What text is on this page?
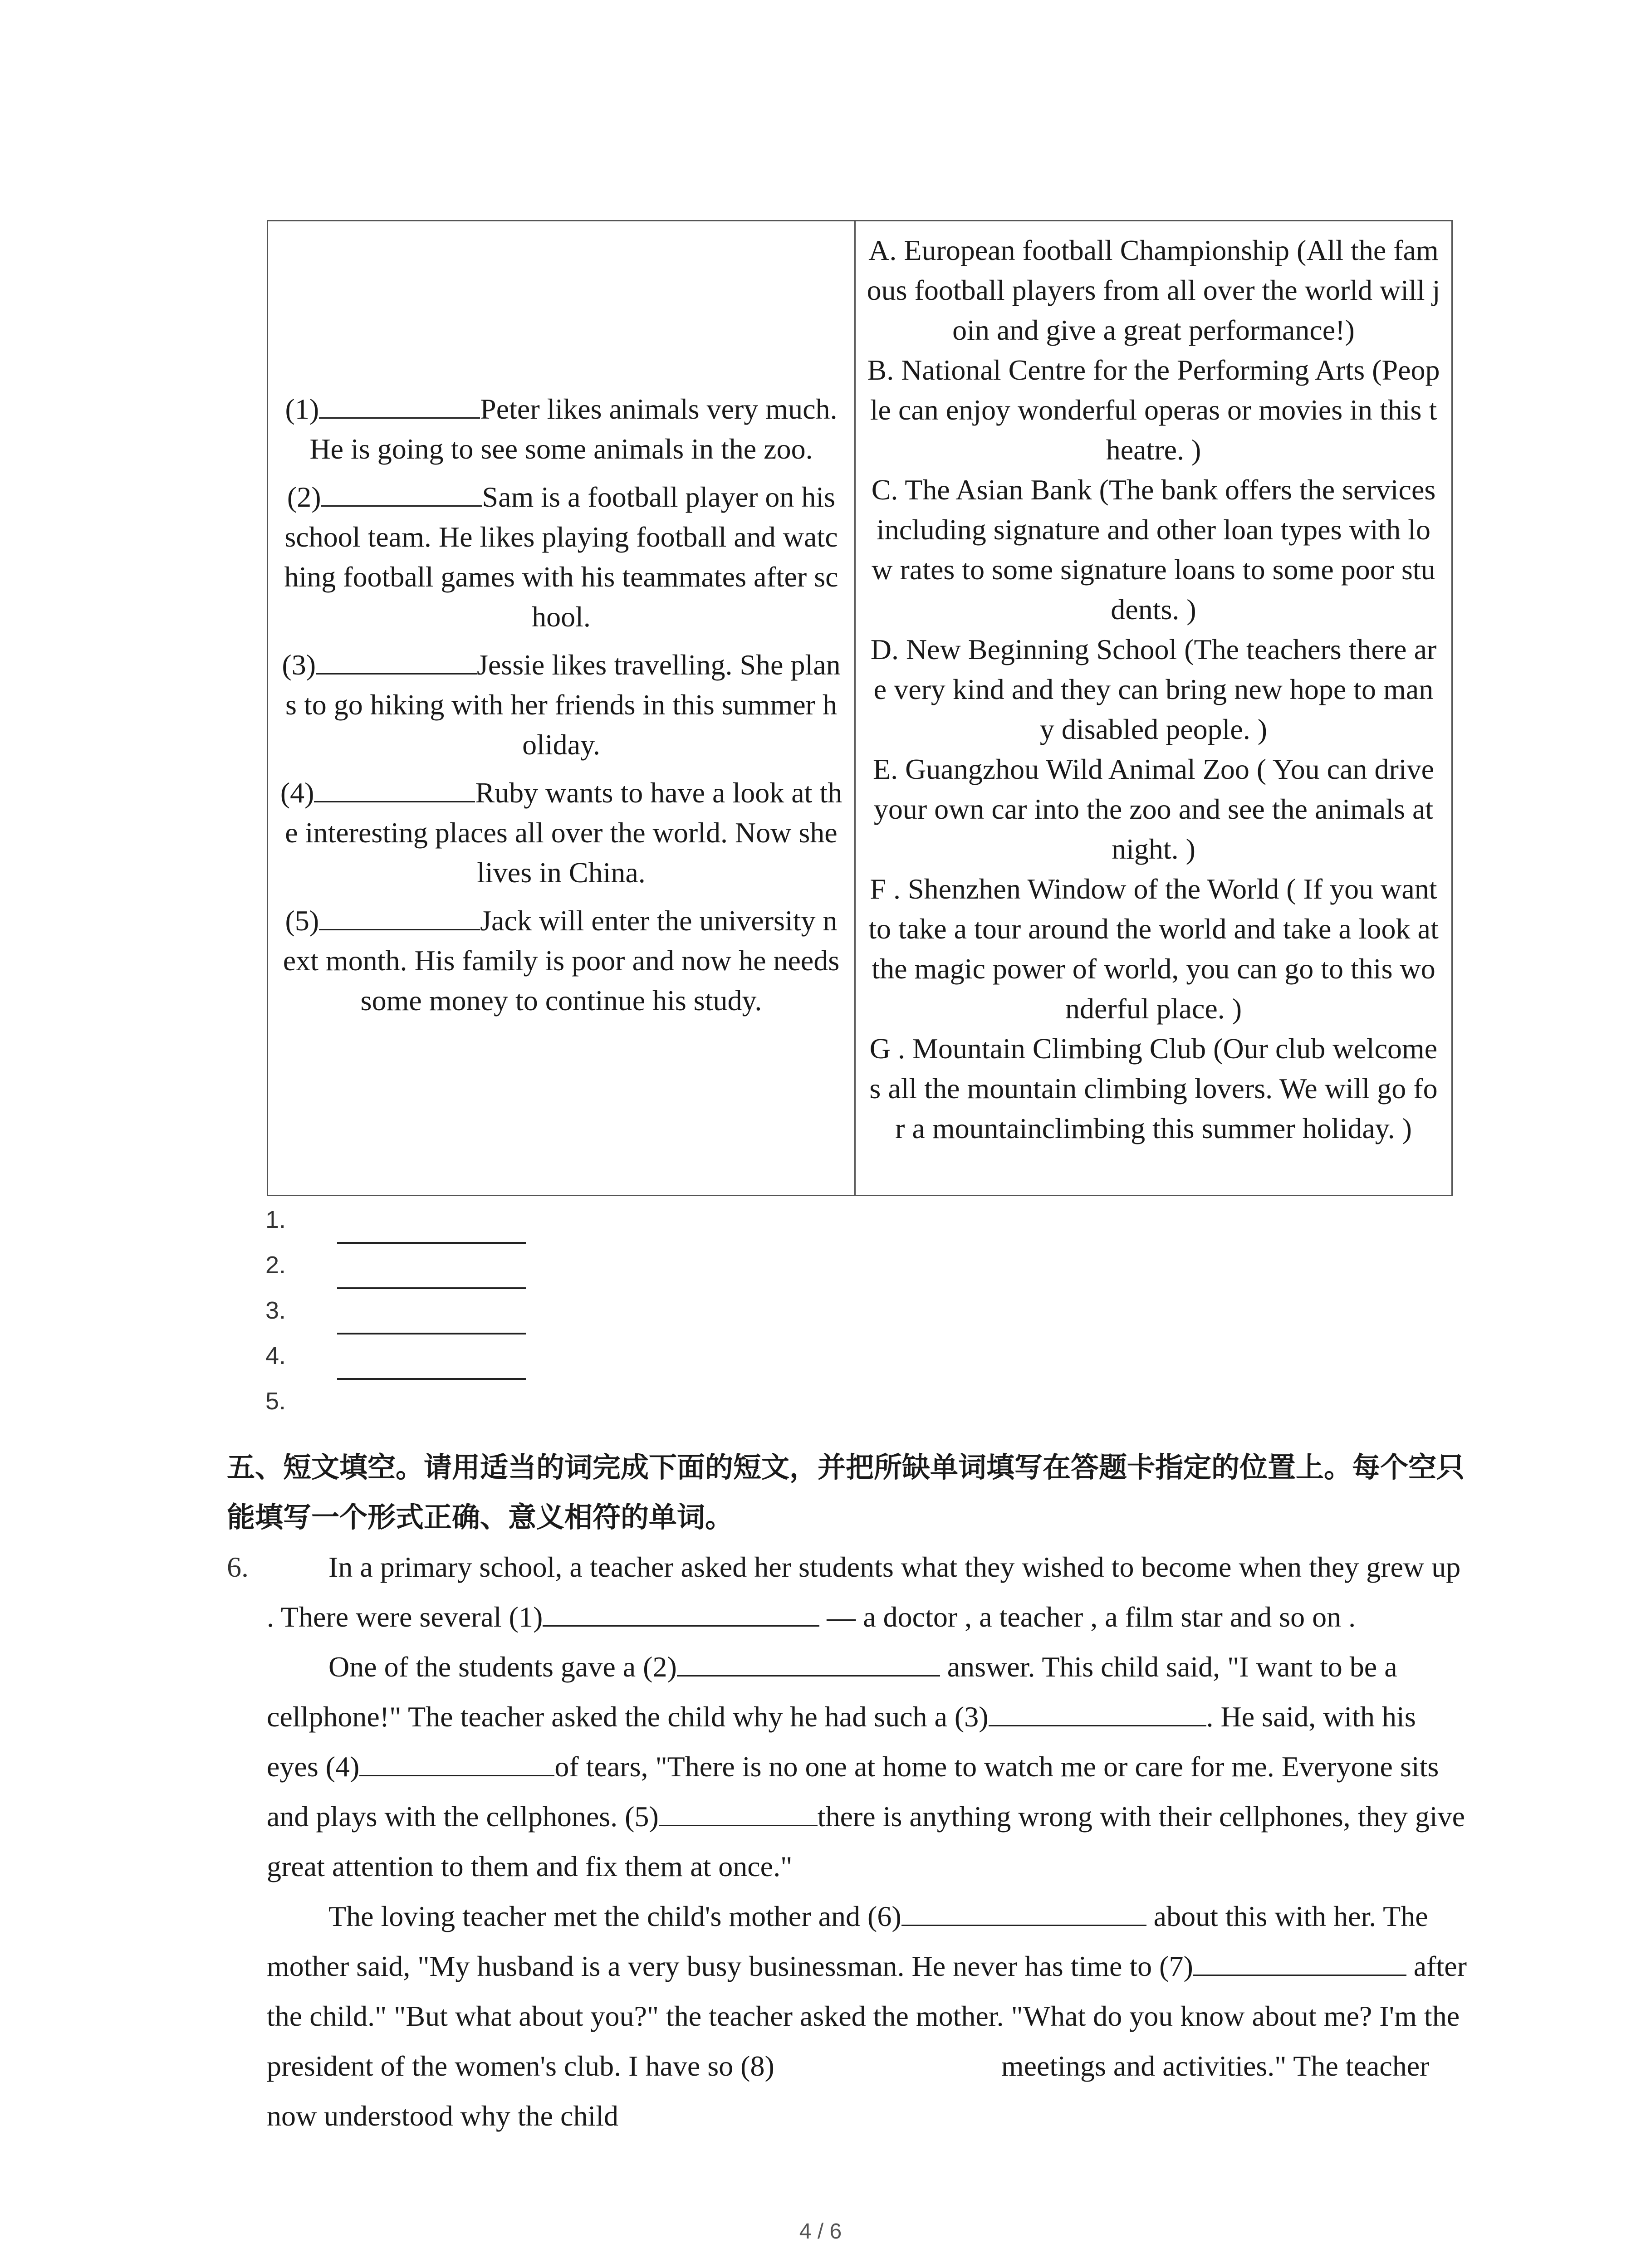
(1)	Peter likes animals very much. He is going to see some animals in the zoo.
(2)	Sam is a football player on his school team. He likes playing football and watching football games with his teammates after school.
(3)	Jessie likes travelling. She plans to go hiking with her friends in this summer holiday.
(4)	Ruby wants to have a look at the interesting places all over the world. Now she lives in China.
(5)	Jack will enter the university next month. His family is poor and now he needs some money to continue his study.

A. European football Championship (All the famous football players from all over the world will join and give a great performance!)

B. National Centre for the Performing Arts (People can enjoy wonderful operas or movies in this theatre. )

C. The Asian Bank (The bank offers the services including signature and other loan types with low rates to some signature loans to some poor students. )

D. New Beginning School (The teachers there are very kind and they can bring new hope to many disabled people. )

E. Guangzhou Wild Animal Zoo ( You can drive your own car into the zoo and see the animals at night. )

F . Shenzhen Window of the World ( If you want to take a tour around the world and take a look at the magic power of world, you can go to this wonderful place. )

G . Mountain Climbing Club (Our club welcomes all the mountain climbing lovers. We will go for a mountainclimbing this summer holiday. )

1.
2.
3.
4.
5.
五、短文填空。请用适当的词完成下面的短文，并把所缺单词填写在答题卡指定的位置上。每个空只能填写一个形式正确、意义相符的单词。
6.	In a primary school, a teacher asked her students what they wished to become when they grew up . There were several (1)	— a doctor , a teacher , a film star and so on .
One of the students gave a (2)	answer. This child said, "I want to be a cellphone!" The teacher asked the child why he had such a (3)	. He said, with his eyes (4)	of tears, "There is no one at home to watch me or care for me. Everyone sits and plays with the cellphones. (5)	there is anything wrong with their cellphones, they give great attention to them and fix them at once."
The loving teacher met the child's mother and (6)	about this with her. The mother said, "My husband is a very busy businessman. He never has time to (7)	after the child." "But what about you?" the teacher asked the mother. "What do you know about me? I'm the president of the women's club. I have so (8)	meetings and activities." The teacher now understood why the child
4 / 6
